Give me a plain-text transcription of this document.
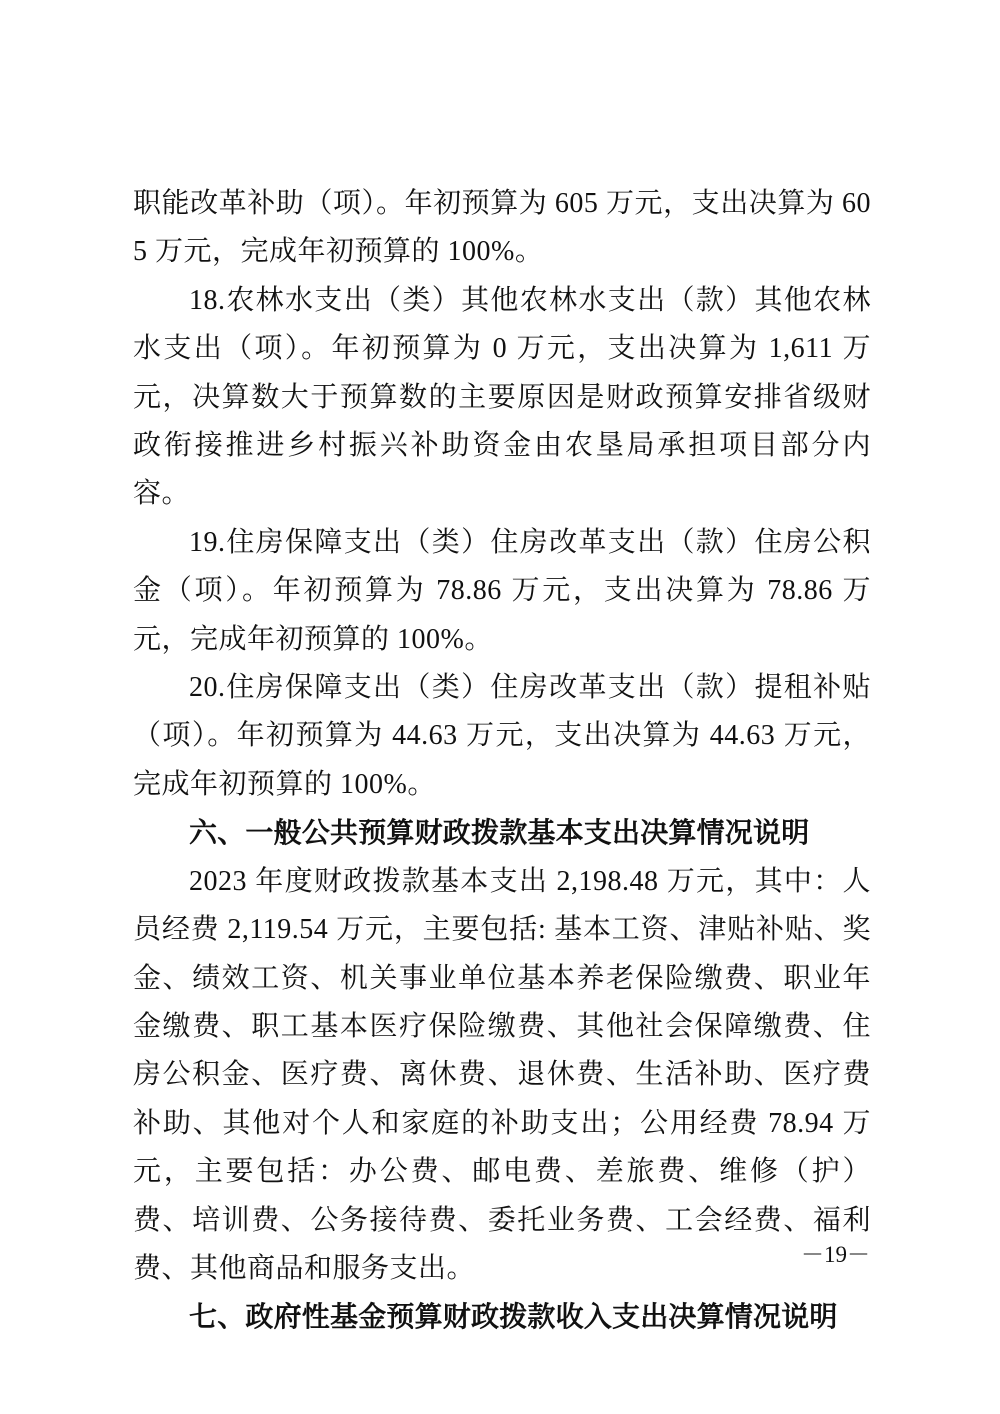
职能改革补助（项）。年初预算为 605 万元，支出决算为 605 万元，完成年初预算的 100%。

18.农林水支出（类）其他农林水支出（款）其他农林水支出（项）。年初预算为 0 万元，支出决算为 1,611 万元，决算数大于预算数的主要原因是财政预算安排省级财政衔接推进乡村振兴补助资金由农垦局承担项目部分内容。

19.住房保障支出（类）住房改革支出（款）住房公积金（项）。年初预算为 78.86 万元，支出决算为 78.86 万元，完成年初预算的 100%。

20.住房保障支出（类）住房改革支出（款）提租补贴（项）。年初预算为 44.63 万元，支出决算为 44.63 万元，完成年初预算的 100%。

六、一般公共预算财政拨款基本支出决算情况说明

2023 年度财政拨款基本支出 2,198.48 万元，其中：人员经费 2,119.54 万元，主要包括: 基本工资、津贴补贴、奖金、绩效工资、机关事业单位基本养老保险缴费、职业年金缴费、职工基本医疗保险缴费、其他社会保障缴费、住房公积金、医疗费、离休费、退休费、生活补助、医疗费补助、其他对个人和家庭的补助支出；公用经费 78.94 万元，主要包括：办公费、邮电费、差旅费、维修（护）费、培训费、公务接待费、委托业务费、工会经费、福利费、其他商品和服务支出。

七、政府性基金预算财政拨款收入支出决算情况说明

－19－
